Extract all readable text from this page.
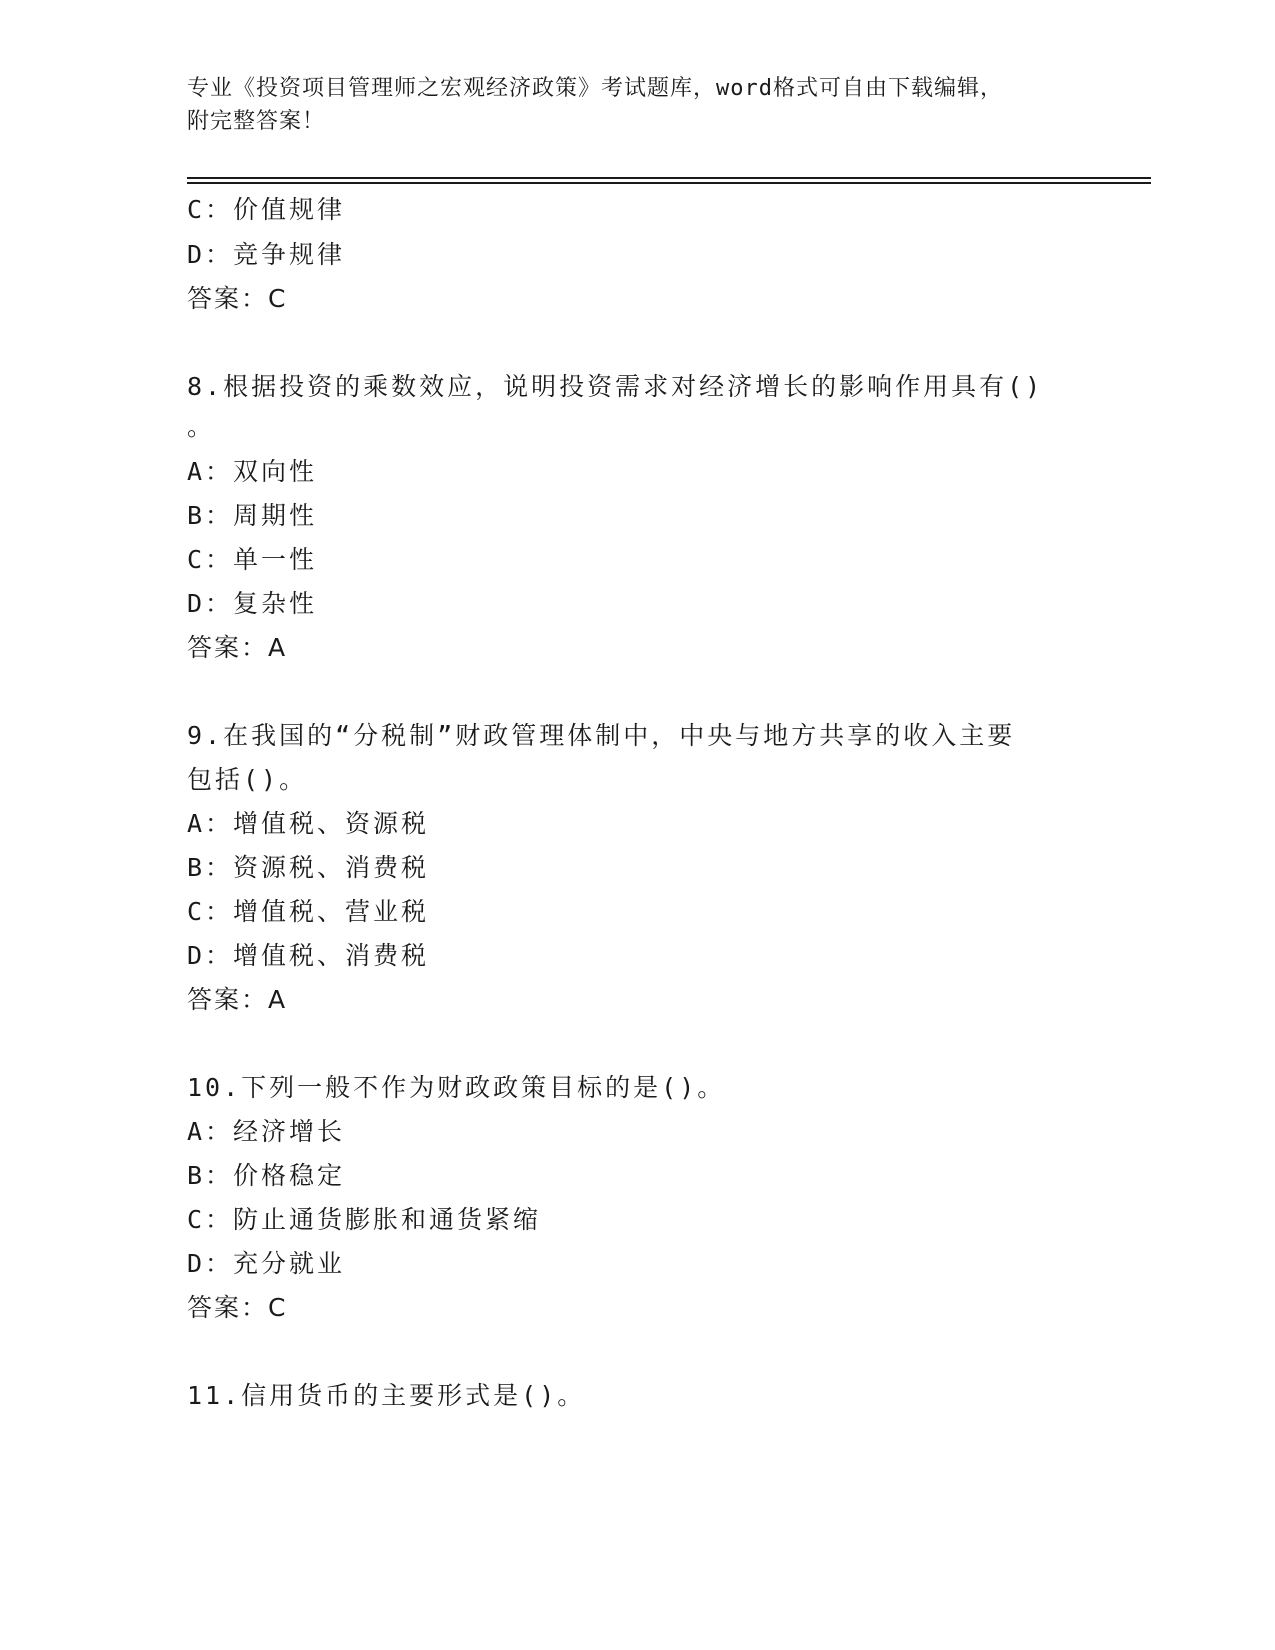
专业《投资项目管理师之宏观经济政策》考试题库，word格式可自由下载编辑，
附完整答案！
C：价值规律
D：竞争规律
答案：C
8.根据投资的乘数效应，说明投资需求对经济增长的影响作用具有()
。
A：双向性
B：周期性
C：单一性
D：复杂性
答案：A
9.在我国的“分税制”财政管理体制中，中央与地方共享的收入主要
包括()。
A：增值税、资源税
B：资源税、消费税
C：增值税、营业税
D：增值税、消费税
答案：A
10.下列一般不作为财政政策目标的是()。
A：经济增长
B：价格稳定
C：防止通货膨胀和通货紧缩
D：充分就业
答案：C
11.信用货币的主要形式是()。
